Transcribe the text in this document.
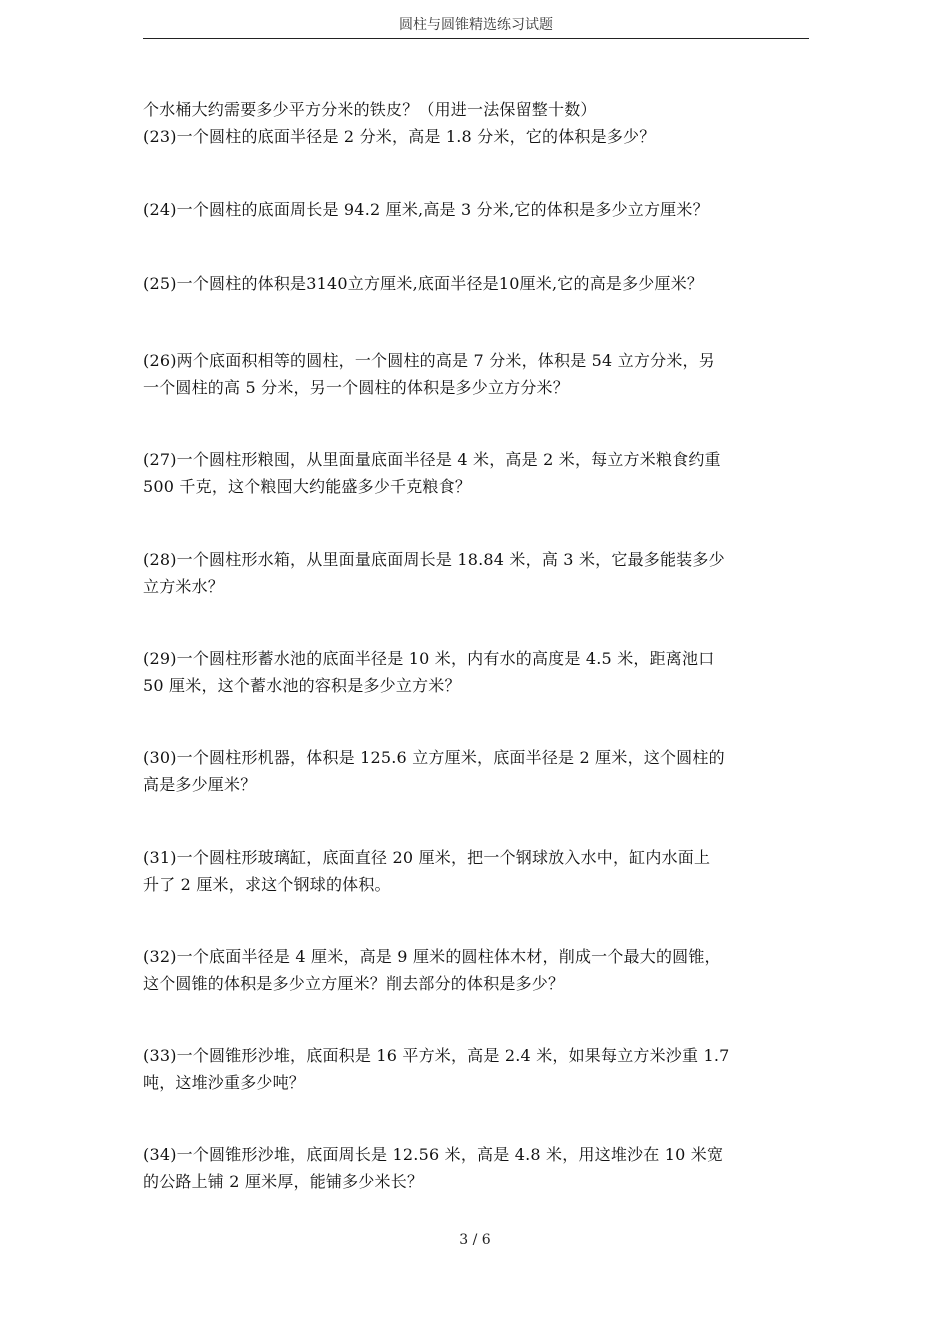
圆柱与圆锥精选练习试题
个水桶大约需要多少平方分米的铁皮？（用进一法保留整十数）
(23)一个圆柱的底面半径是 2 分米，高是 1.8 分米，它的体积是多少？
(24)一个圆柱的底面周长是 94.2 厘米,高是 3 分米,它的体积是多少立方厘米？
(25)一个圆柱的体积是3140立方厘米,底面半径是10厘米,它的高是多少厘米？
(26)两个底面积相等的圆柱，一个圆柱的高是 7 分米，体积是 54 立方分米，另
一个圆柱的高 5 分米，另一个圆柱的体积是多少立方分米？
(27)一个圆柱形粮囤，从里面量底面半径是 4 米，高是 2 米，每立方米粮食约重
500 千克，这个粮囤大约能盛多少千克粮食？
(28)一个圆柱形水箱，从里面量底面周长是 18.84 米，高 3 米，它最多能装多少
立方米水？
(29)一个圆柱形蓄水池的底面半径是 10 米，内有水的高度是 4.5 米，距离池口
50 厘米，这个蓄水池的容积是多少立方米？
(30)一个圆柱形机器，体积是 125.6 立方厘米，底面半径是 2 厘米，这个圆柱的
高是多少厘米？
(31)一个圆柱形玻璃缸，底面直径 20 厘米，把一个钢球放入水中，缸内水面上
升了 2 厘米，求这个钢球的体积。
(32)一个底面半径是 4 厘米，高是 9 厘米的圆柱体木材，削成一个最大的圆锥，
这个圆锥的体积是多少立方厘米？削去部分的体积是多少？
(33)一个圆锥形沙堆，底面积是 16 平方米，高是 2.4 米，如果每立方米沙重 1.7
吨，这堆沙重多少吨？
(34)一个圆锥形沙堆，底面周长是 12.56 米，高是 4.8 米，用这堆沙在 10 米宽
的公路上铺 2 厘米厚，能铺多少米长？
3 / 6
